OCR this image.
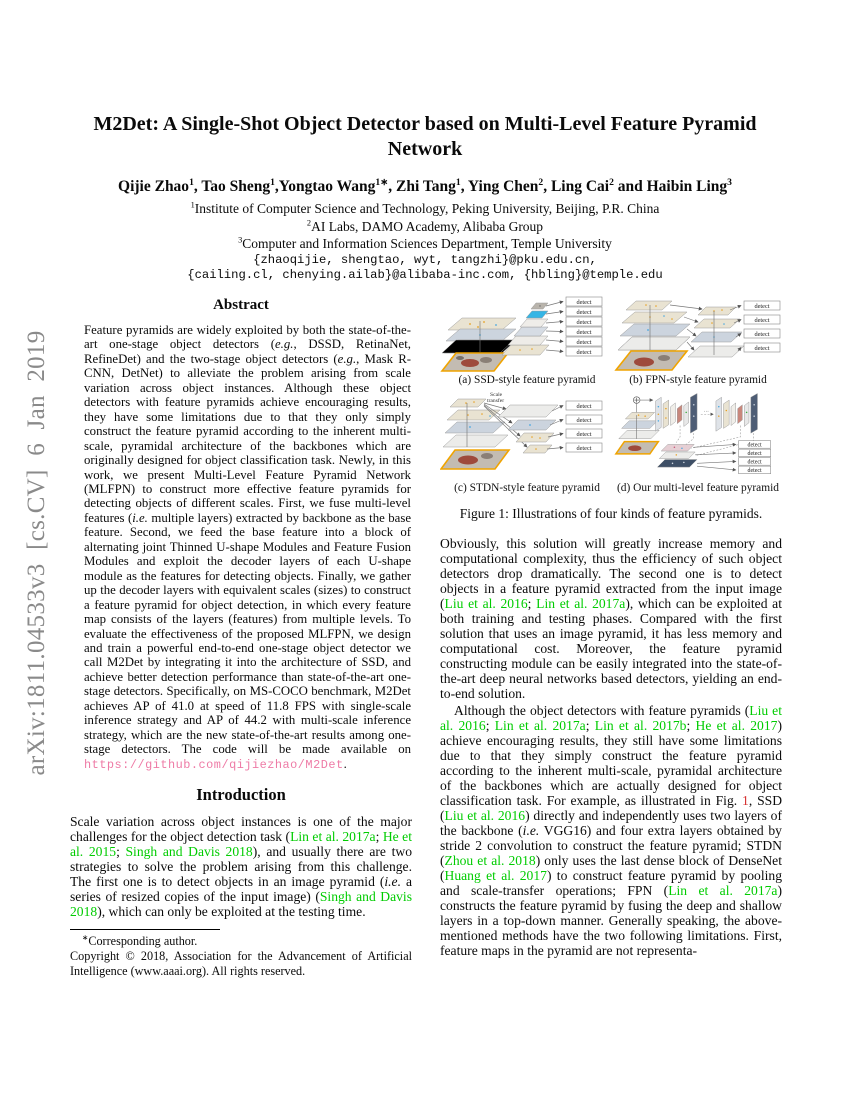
arXiv:1811.04533v3 [cs.CV] 6 Jan 2019
M2Det: A Single-Shot Object Detector based on Multi-Level Feature Pyramid Network
Qijie Zhao$^1$, Tao Sheng$^1$,Yongtao Wang$^{1∗}$, Zhi Tang$^1$, Ying Chen$^2$, Ling Cai$^2$ and Haibin Ling$^3$
$^1$Institute of Computer Science and Technology, Peking University, Beijing, P.R. China
$^2$AI Labs, DAMO Academy, Alibaba Group
$^3$Computer and Information Sciences Department, Temple University
{zhaoqijie, shengtao, wyt, tangzhi}@pku.edu.cn,
{cailing.cl, chenying.ailab}@alibaba-inc.com, {hbling}@temple.edu
Abstract

Feature pyramids are widely exploited by both the state-of-the-art one-stage object detectors (e.g., DSSD, RetinaNet, RefineDet) and the two-stage object detectors (e.g., Mask R-CNN, DetNet) to alleviate the problem arising from scale variation across object instances. Although these object detectors with feature pyramids achieve encouraging results, they have some limitations due to that they only simply construct the feature pyramid according to the inherent multi-scale, pyramidal architecture of the backbones which are originally designed for object classification task. Newly, in this work, we present Multi-Level Feature Pyramid Network (MLFPN) to construct more effective feature pyramids for detecting objects of different scales. First, we fuse multi-level features (i.e. multiple layers) extracted by backbone as the base feature. Second, we feed the base feature into a block of alternating joint Thinned U-shape Modules and Feature Fusion Modules and exploit the decoder layers of each U-shape module as the features for detecting objects. Finally, we gather up the decoder layers with equivalent scales (sizes) to construct a feature pyramid for object detection, in which every feature map consists of the layers (features) from multiple levels. To evaluate the effectiveness of the proposed MLFPN, we design and train a powerful end-to-end one-stage object detector we call M2Det by integrating it into the architecture of SSD, and achieve better detection performance than state-of-the-art one-stage detectors. Specifically, on MS-COCO benchmark, M2Det achieves AP of 41.0 at speed of 11.8 FPS with single-scale inference strategy and AP of 44.2 with multi-scale inference strategy, which are the new state-of-the-art results among one-stage detectors. The code will be made available on https://github.com/qijiezhao/M2Det.

Introduction

Scale variation across object instances is one of the major challenges for the object detection task (Lin et al. 2017a; He et al. 2015; Singh and Davis 2018), and usually there are two strategies to solve the problem arising from this challenge. The first one is to detect objects in an image pyramid (i.e. a series of resized copies of the input image) (Singh and Davis 2018), which can only be exploited at the testing time.

∗Corresponding author.

Copyright © 2018, Association for the Advancement of Artificial Intelligence (www.aaai.org). All rights reserved.

detect
detect
detect
detect
detect
detect
(a) SSD-style feature pyramid
detect
detect
detect
detect
(b) FPN-style feature pyramid
Scale
transfer
detect
detect
detect
detect
(c) STDN-style feature pyramid
…
detect
detect
detect
detect
(d) Our multi-level feature pyramid
Figure 1: Illustrations of four kinds of feature pyramids.

Obviously, this solution will greatly increase memory and computational complexity, thus the efficiency of such object detectors drop dramatically. The second one is to detect objects in a feature pyramid extracted from the input image (Liu et al. 2016; Lin et al. 2017a), which can be exploited at both training and testing phases. Compared with the first solution that uses an image pyramid, it has less memory and computational cost. Moreover, the feature pyramid constructing module can be easily integrated into the state-of-the-art deep neural networks based detectors, yielding an end-to-end solution.

Although the object detectors with feature pyramids (Liu et al. 2016; Lin et al. 2017a; Lin et al. 2017b; He et al. 2017) achieve encouraging results, they still have some limitations due to that they simply construct the feature pyramid according to the inherent multi-scale, pyramidal architecture of the backbones which are actually designed for object classification task. For example, as illustrated in Fig. 1, SSD (Liu et al. 2016) directly and independently uses two layers of the backbone (i.e. VGG16) and four extra layers obtained by stride 2 convolution to construct the feature pyramid; STDN (Zhou et al. 2018) only uses the last dense block of DenseNet (Huang et al. 2017) to construct feature pyramid by pooling and scale-transfer operations; FPN (Lin et al. 2017a) constructs the feature pyramid by fusing the deep and shallow layers in a top-down manner. Generally speaking, the above-mentioned methods have the two following limitations. First, feature maps in the pyramid are not representa-
